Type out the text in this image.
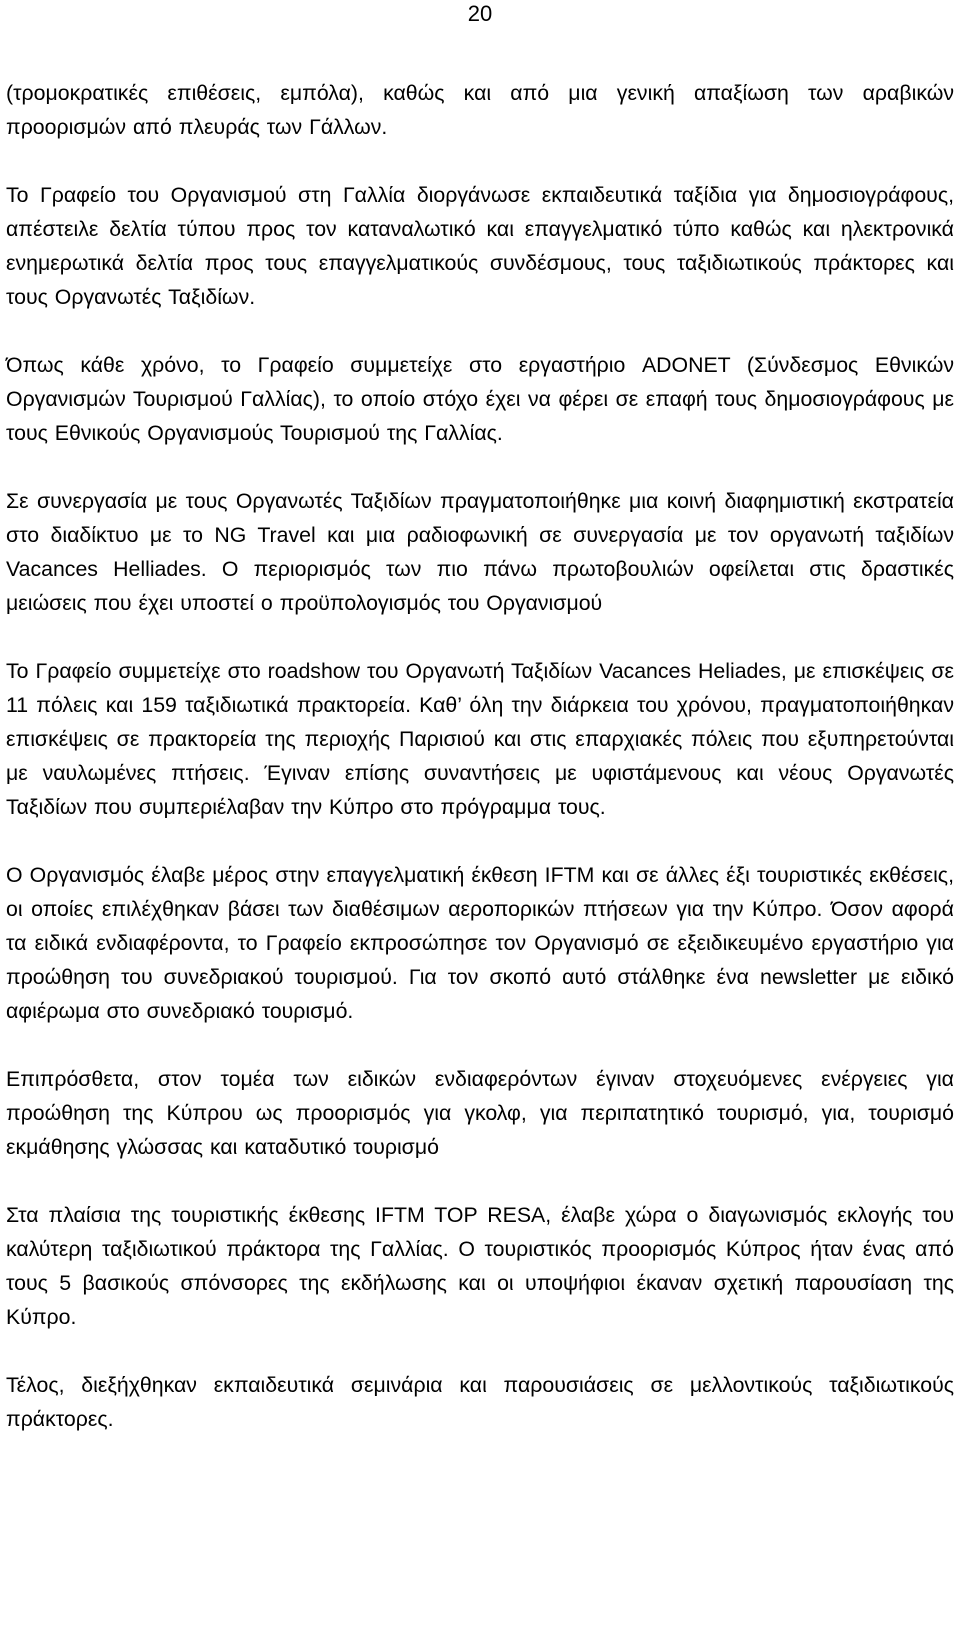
20

(τρομοκρατικές επιθέσεις, εμπόλα), καθώς και από μια γενική απαξίωση των αραβικών προορισμών από πλευράς των Γάλλων.

Το Γραφείο του Οργανισμού στη Γαλλία διοργάνωσε εκπαιδευτικά ταξίδια για δημοσιογράφους, απέστειλε δελτία τύπου προς τον καταναλωτικό και επαγγελματικό τύπο καθώς και ηλεκτρονικά ενημερωτικά δελτία προς τους επαγγελματικούς συνδέσμους, τους ταξιδιωτικούς πράκτορες και τους Οργανωτές Ταξιδίων.

Όπως κάθε χρόνο, το Γραφείο συμμετείχε στο εργαστήριο ADONET (Σύνδεσμος Εθνικών Οργανισμών Τουρισμού Γαλλίας), το οποίο στόχο έχει να φέρει σε επαφή τους δημοσιογράφους με τους Εθνικούς Οργανισμούς Τουρισμού της Γαλλίας.

Σε συνεργασία με τους Οργανωτές Ταξιδίων πραγματοποιήθηκε μια κοινή διαφημιστική εκστρατεία στο διαδίκτυο με το NG Travel και μια ραδιοφωνική σε συνεργασία με τον οργανωτή ταξιδίων Vacances Helliades. Ο περιορισμός των πιο πάνω πρωτοβουλιών οφείλεται στις δραστικές μειώσεις που έχει υποστεί ο προϋπολογισμός του Οργανισμού

Το Γραφείο συμμετείχε στο roadshow του Οργανωτή Ταξιδίων Vacances Heliades, με επισκέψεις σε 11 πόλεις και 159 ταξιδιωτικά πρακτορεία. Καθ’ όλη την διάρκεια του χρόνου, πραγματοποιήθηκαν επισκέψεις σε πρακτορεία της περιοχής Παρισιού και στις επαρχιακές πόλεις που εξυπηρετούνται με ναυλωμένες πτήσεις. Έγιναν επίσης συναντήσεις με υφιστάμενους και νέους Οργανωτές Ταξιδίων που συμπεριέλαβαν την Κύπρο στο πρόγραμμα τους.

Ο Οργανισμός έλαβε μέρος στην επαγγελματική έκθεση IFTM και σε άλλες έξι τουριστικές εκθέσεις, οι οποίες επιλέχθηκαν βάσει των διαθέσιμων αεροπορικών πτήσεων για την Κύπρο. Όσον αφορά τα ειδικά ενδιαφέροντα, το Γραφείο εκπροσώπησε τον Οργανισμό σε εξειδικευμένο εργαστήριο για προώθηση του συνεδριακού τουρισμού. Για τον σκοπό αυτό στάλθηκε ένα newsletter με ειδικό αφιέρωμα στο συνεδριακό τουρισμό.

Επιπρόσθετα, στον τομέα των ειδικών ενδιαφερόντων έγιναν στοχευόμενες ενέργειες για προώθηση της Κύπρου ως προορισμός για γκολφ, για περιπατητικό τουρισμό, για, τουρισμό εκμάθησης γλώσσας και καταδυτικό τουρισμό

Στα πλαίσια της τουριστικής έκθεσης IFTM TOP RESA, έλαβε χώρα ο διαγωνισμός εκλογής του καλύτερη ταξιδιωτικού πράκτορα της Γαλλίας. Ο τουριστικός προορισμός Κύπρος ήταν ένας από τους 5 βασικούς σπόνσορες της εκδήλωσης και οι υποψήφιοι έκαναν σχετική παρουσίαση της Κύπρο.

Τέλος, διεξήχθηκαν εκπαιδευτικά σεμινάρια και παρουσιάσεις σε μελλοντικούς ταξιδιωτικούς πράκτορες.
